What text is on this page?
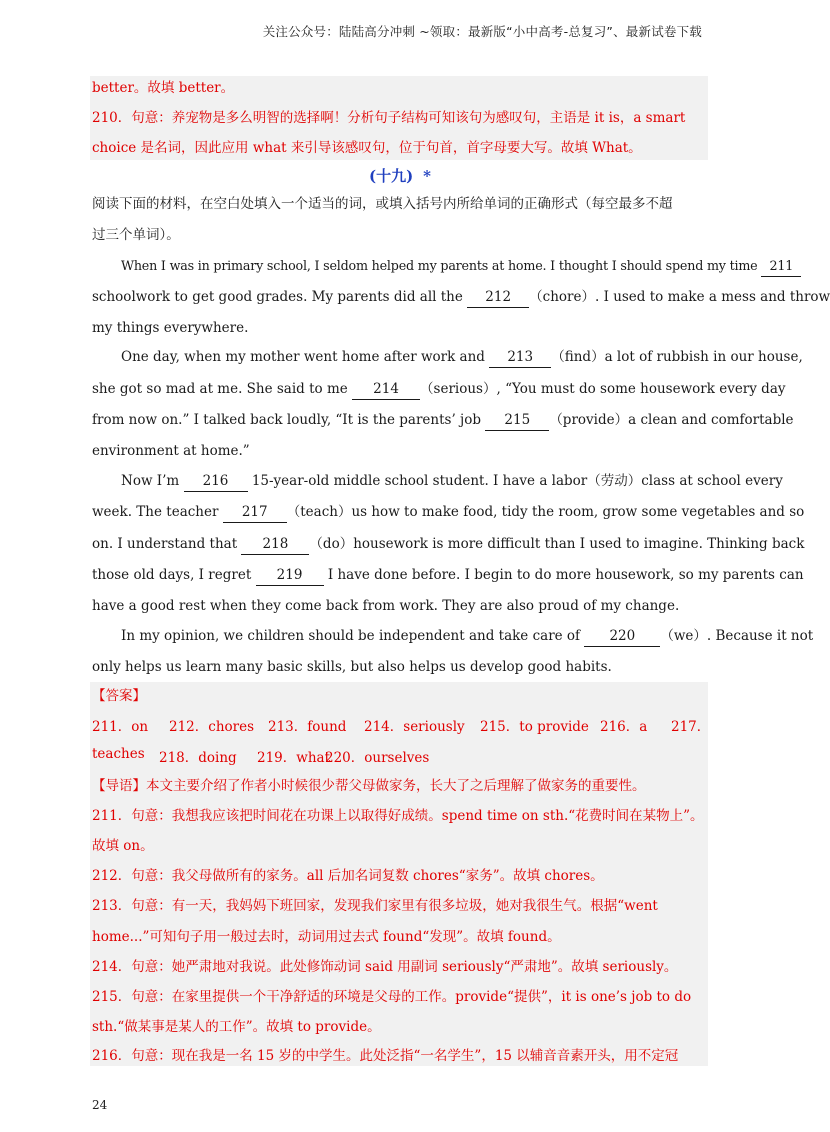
关注公众号：陆陆高分冲刺 ~领取：最新版“小中高考-总复习”、最新试卷下载
better。故填 better。
210．句意：养宠物是多么明智的选择啊！分析句子结构可知该句为感叹句，主语是 it is，a smart
choice 是名词，因此应用 what 来引导该感叹句，位于句首，首字母要大写。故填 What。
(十九) *
阅读下面的材料，在空白处填入一个适当的词，或填入括号内所给单词的正确形式（每空最多不超
过三个单词）。
When I was in primary school, I seldom helped my parents at home. I thought I should spend my time 211
schoolwork to get good grades. My parents did all the 212 （chore）. I used to make a mess and throw
my things everywhere.
One day, when my mother went home after work and 213 （find）a lot of rubbish in our house,
she got so mad at me. She said to me 214 （serious）, “You must do some housework every day
from now on.” I talked back loudly, “It is the parents’ job 215 （provide）a clean and comfortable
environment at home.”
Now I’m 216 15-year-old middle school student. I have a labor（劳动）class at school every
week. The teacher 217 （teach）us how to make food, tidy the room, grow some vegetables and so
on. I understand that 218 （do）housework is more difficult than I used to imagine. Thinking back
those old days, I regret 219 I have done before. I begin to do more housework, so my parents can
have a good rest when they come back from work. They are also proud of my change.
In my opinion, we children should be independent and take care of 220 （we）. Because it not
only helps us learn many basic skills, but also helps us develop good habits.
【答案】
211．on 212．chores 213．found 214．seriously 215．to provide 216．a 217．
teaches 218．doing 219．what
220．ourselves
【导语】本文主要介绍了作者小时候很少帮父母做家务，长大了之后理解了做家务的重要性。
211．句意：我想我应该把时间花在功课上以取得好成绩。spend time on sth.“花费时间在某物上”。
故填 on。
212．句意：我父母做所有的家务。all 后加名词复数 chores“家务”。故填 chores。
213．句意：有一天，我妈妈下班回家，发现我们家里有很多垃圾，她对我很生气。根据“went
home...”可知句子用一般过去时，动词用过去式 found“发现”。故填 found。
214．句意：她严肃地对我说。此处修饰动词 said 用副词 seriously“严肃地”。故填 seriously。
215．句意：在家里提供一个干净舒适的环境是父母的工作。provide“提供”，it is one’s job to do
sth.“做某事是某人的工作”。故填 to provide。
216．句意：现在我是一名 15 岁的中学生。此处泛指“一名学生”，15 以辅音音素开头，用不定冠
24
